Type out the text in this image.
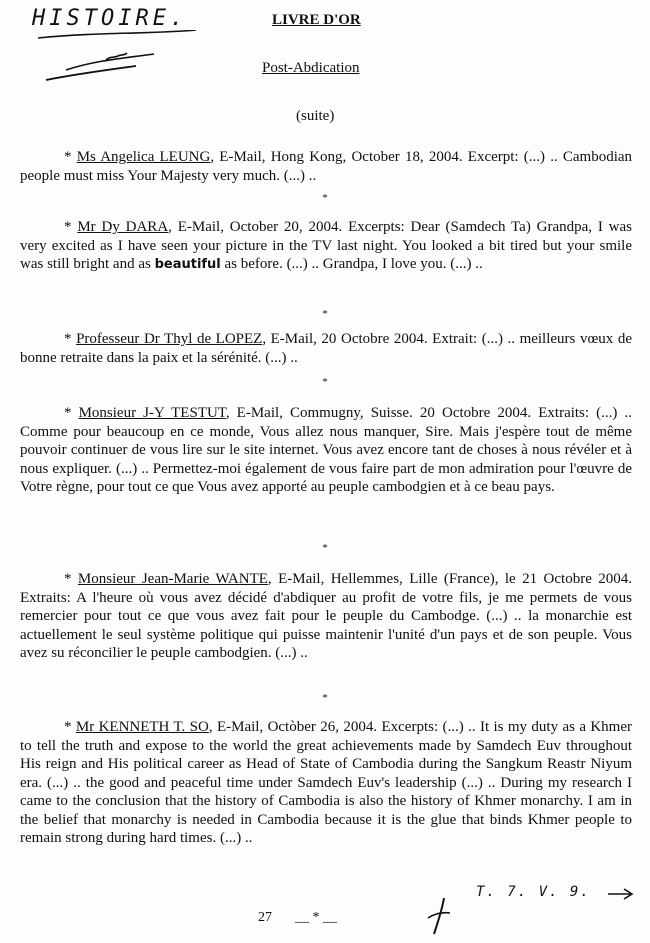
HISTOIRE.	LIVRE D'OR
Post-Abdication
(suite)
* Ms Angelica LEUNG, E-Mail, Hong Kong, October 18, 2004. Excerpt: (...) .. Cambodian people must miss Your Majesty very much. (...) ..
*
* Mr Dy DARA, E-Mail, October 20, 2004. Excerpts: Dear (Samdech Ta) Grandpa, I was very excited as I have seen your picture in the TV last night. You looked a bit tired but your smile was still bright and as beautiful as before. (...) .. Grandpa, I love you. (...) ..
*
* Professeur Dr Thyl de LOPEZ, E-Mail, 20 Octobre 2004. Extrait: (...) .. meilleurs vœux de bonne retraite dans la paix et la sérénité. (...) ..
*
* Monsieur J-Y TESTUT, E-Mail, Commugny, Suisse. 20 Octobre 2004. Extraits: (...) .. Comme pour beaucoup en ce monde, Vous allez nous manquer, Sire. Mais j'espère tout de même pouvoir continuer de vous lire sur le site internet. Vous avez encore tant de choses à nous révéler et à nous expliquer. (...) .. Permettez-moi également de vous faire part de mon admiration pour l'œuvre de Votre règne, pour tout ce que Vous avez apporté au peuple cambodgien et à ce beau pays.
*
* Monsieur Jean-Marie WANTE, E-Mail, Hellemmes, Lille (France), le 21 Octobre 2004. Extraits: A l'heure où vous avez décidé d'abdiquer au profit de votre fils, je me permets de vous remercier pour tout ce que vous avez fait pour le peuple du Cambodge. (...) .. la monarchie est actuellement le seul système politique qui puisse maintenir l'unité d'un pays et de son peuple. Vous avez su réconcilier le peuple cambodgien. (...) ..
*
* Mr KENNETH T. SO, E-Mail, Octòber 26, 2004. Excerpts: (...) .. It is my duty as a Khmer to tell the truth and expose to the world the great achievements made by Samdech Euv throughout His reign and His political career as Head of State of Cambodia during the Sangkum Reastr Niyum era. (...) .. the good and peaceful time under Samdech Euv's leadership (...) .. During my research I came to the conclusion that the history of Cambodia is also the history of Khmer monarchy. I am in the belief that monarchy is needed in Cambodia because it is the glue that binds Khmer people to remain strong during hard times. (...) ..
T. 7. V. 9.
27 __ * __
